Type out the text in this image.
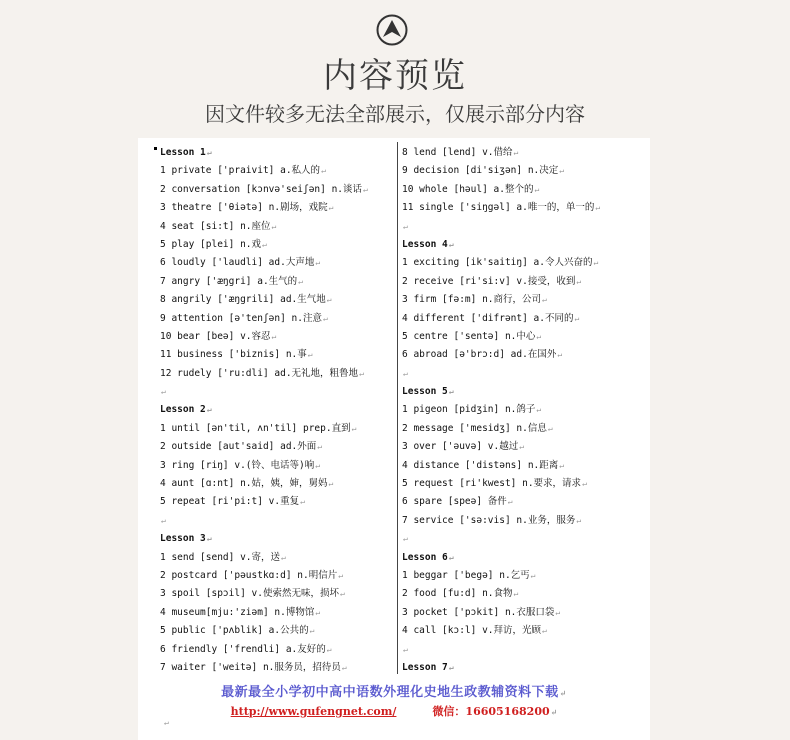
内容预览
因文件较多无法全部展示，仅展示部分内容
Lesson 1↵
1 private ['praivit] a.私人的↵
2 conversation [kɔnvə'seiʃən] n.谈话↵
3 theatre ['θiətə] n.剧场，戏院↵
4 seat [si:t] n.座位↵
5 play [plei] n.戏↵
6 loudly ['laudli] ad.大声地↵
7 angry ['æŋgri] a.生气的↵
8 angrily ['æŋgrili] ad.生气地↵
9 attention [ə'tenʃən] n.注意↵
10 bear [beə] v.容忍↵
11 business ['biznis] n.事↵
12 rudely ['ru:dli] ad.无礼地，粗鲁地↵
↵
Lesson 2↵
1 until [ən'til, ʌn'til] prep.直到↵
2 outside [aut'said] ad.外面↵
3 ring [riŋ] v.(铃、电话等)响↵
4 aunt [ɑ:nt] n.姑，姨，婶，舅妈↵
5 repeat [ri'pi:t] v.重复↵
↵
Lesson 3↵
1 send [send] v.寄，送↵
2 postcard ['pəustkɑ:d] n.明信片↵
3 spoil [spɔil] v.使索然无味，损坏↵
4 museum[mju:'ziəm] n.博物馆↵
5 public ['pʌblik] a.公共的↵
6 friendly ['frendli] a.友好的↵
7 waiter ['weitə] n.服务员，招待员↵
8 lend [lend] v.借给↵
9 decision [di'siʒən] n.决定↵
10 whole [həul] a.整个的↵
11 single ['siŋgəl] a.唯一的，单一的↵
↵
Lesson 4↵
1 exciting [ik'saitiŋ] a.令人兴奋的↵
2 receive [ri'si:v] v.接受，收到↵
3 firm [fə:m] n.商行，公司↵
4 different ['difrənt] a.不同的↵
5 centre ['sentə] n.中心↵
6 abroad [ə'brɔ:d] ad.在国外↵
↵
Lesson 5↵
1 pigeon [pidʒin] n.鸽子↵
2 message ['mesidʒ] n.信息↵
3 over ['əuvə] v.越过↵
4 distance ['distəns] n.距离↵
5 request [ri'kwest] n.要求，请求↵
6 spare [speə] 备件↵
7 service ['sə:vis] n.业务，服务↵
↵
Lesson 6↵
1 beggar ['begə] n.乞丐↵
2 food [fu:d] n.食物↵
3 pocket ['pɔkit] n.衣服口袋↵
4 call [kɔ:l] v.拜访，光顾↵
↵
Lesson 7↵
最新最全小学初中高中语数外理化史地生政教辅资料下载↵
http://www.gufengnet.com/	微信：16605168200↵
↵
